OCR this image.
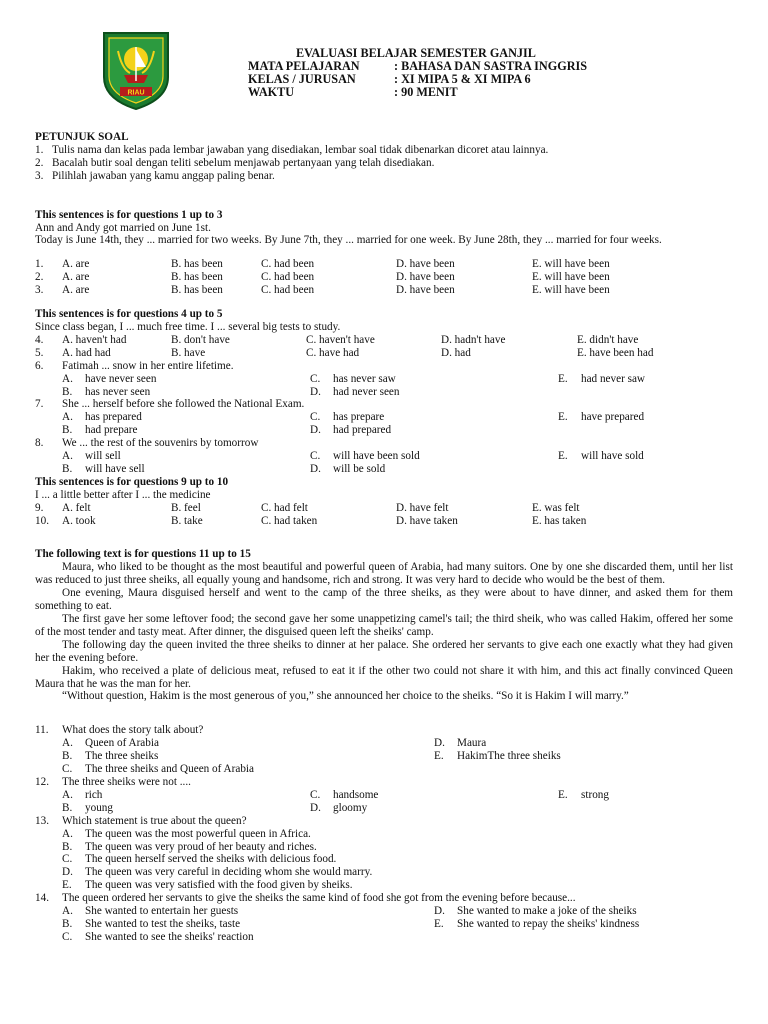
RIAU
EVALUASI BELAJAR SEMESTER GANJIL
MATA PELAJARAN	: BAHASA DAN SASTRA INGGRIS
KELAS / JURUSAN	: XI MIPA 5 & XI MIPA 6
WAKTU	: 90 MENIT
PETUNJUK SOAL
1. Tulis nama dan kelas pada lembar jawaban yang disediakan, lembar soal tidak dibenarkan dicoret atau lainnya.
2. Bacalah butir soal dengan teliti sebelum menjawab pertanyaan yang telah disediakan.
3. Pilihlah jawaban yang kamu anggap paling benar.
This sentences is for questions 1 up to 3
Ann and Andy got married on June 1st.
Today is June 14th, they ... married for two weeks. By June 7th, they ... married for one week. By June 28th, they ... married for four weeks.
1.	A. are	B. has been	C. had been	D. have been	E. will have been
2.	A. are	B. has been	C. had been	D. have been	E. will have been
3.	A. are	B. has been	C. had been	D. have been	E. will have been
This sentences is for questions 4 up to 5
Since class began, I ... much free time. I ... several big tests to study.
4.	A. haven't had	B. don't have	C. haven't have	D. hadn't have	E. didn't have
5.	A. had had	B. have	C. have had	D. had	E. have been had
6.	Fatimah ... snow in her entire lifetime.
A.	have never seen	C.	has never saw	E.	had never saw
B.	has never seen	D.	had never seen
7.	She ... herself before she followed the National Exam.
A.	has prepared	C.	has prepare	E.	have prepared
B.	had prepare	D.	had prepared
8.	We ... the rest of the souvenirs by tomorrow
A.	will sell	C.	will have been sold	E.	will have sold
B.	will have sell	D.	will be sold
This sentences is for questions 9 up to 10
I ... a little better after I ... the medicine
9.	A. felt	B. feel	C. had felt	D. have felt	E. was felt
10.	A. took	B. take	C. had taken	D. have taken	E. has taken
The following text is for questions 11 up to 15

Maura, who liked to be thought as the most beautiful and powerful queen of Arabia, had many suitors. One by one she discarded them, until her list was reduced to just three sheiks, all equally young and handsome, rich and strong. It was very hard to decide who would be the best of them.

One evening, Maura disguised herself and went to the camp of the three sheiks, as they were about to have dinner, and asked them for them something to eat.

The first gave her some leftover food; the second gave her some unappetizing camel's tail; the third sheik, who was called Hakim, offered her some of the most tender and tasty meat. After dinner, the disguised queen left the sheiks' camp.

The following day the queen invited the three sheiks to dinner at her palace. She ordered her servants to give each one exactly what they had given her the evening before.

Hakim, who received a plate of delicious meat, refused to eat it if the other two could not share it with him, and this act finally convinced Queen Maura that he was the man for her.

“Without question, Hakim is the most generous of you,” she announced her choice to the sheiks. “So it is Hakim I will marry.”

11.	What does the story talk about?
A.	Queen of Arabia	D.	Maura
B.	The three sheiks	E.	HakimThe three sheiks
C.	The three sheiks and Queen of Arabia
12.	The three sheiks were not ....
A.	rich	C.	handsome	E.	strong
B.	young	D.	gloomy
13.	Which statement is true about the queen?
A.	The queen was the most powerful queen in Africa.
B.	The queen was very proud of her beauty and riches.
C.	The queen herself served the sheiks with delicious food.
D.	The queen was very careful in deciding whom she would marry.
E.	The queen was very satisfied with the food given by sheiks.
14.	The queen ordered her servants to give the sheiks the same kind of food she got from the evening before because...
A.	She wanted to entertain her guests	D.	She wanted to make a joke of the sheiks
B.	She wanted to test the sheiks, taste	E.	She wanted to repay the sheiks' kindness
C.	She wanted to see the sheiks' reaction
